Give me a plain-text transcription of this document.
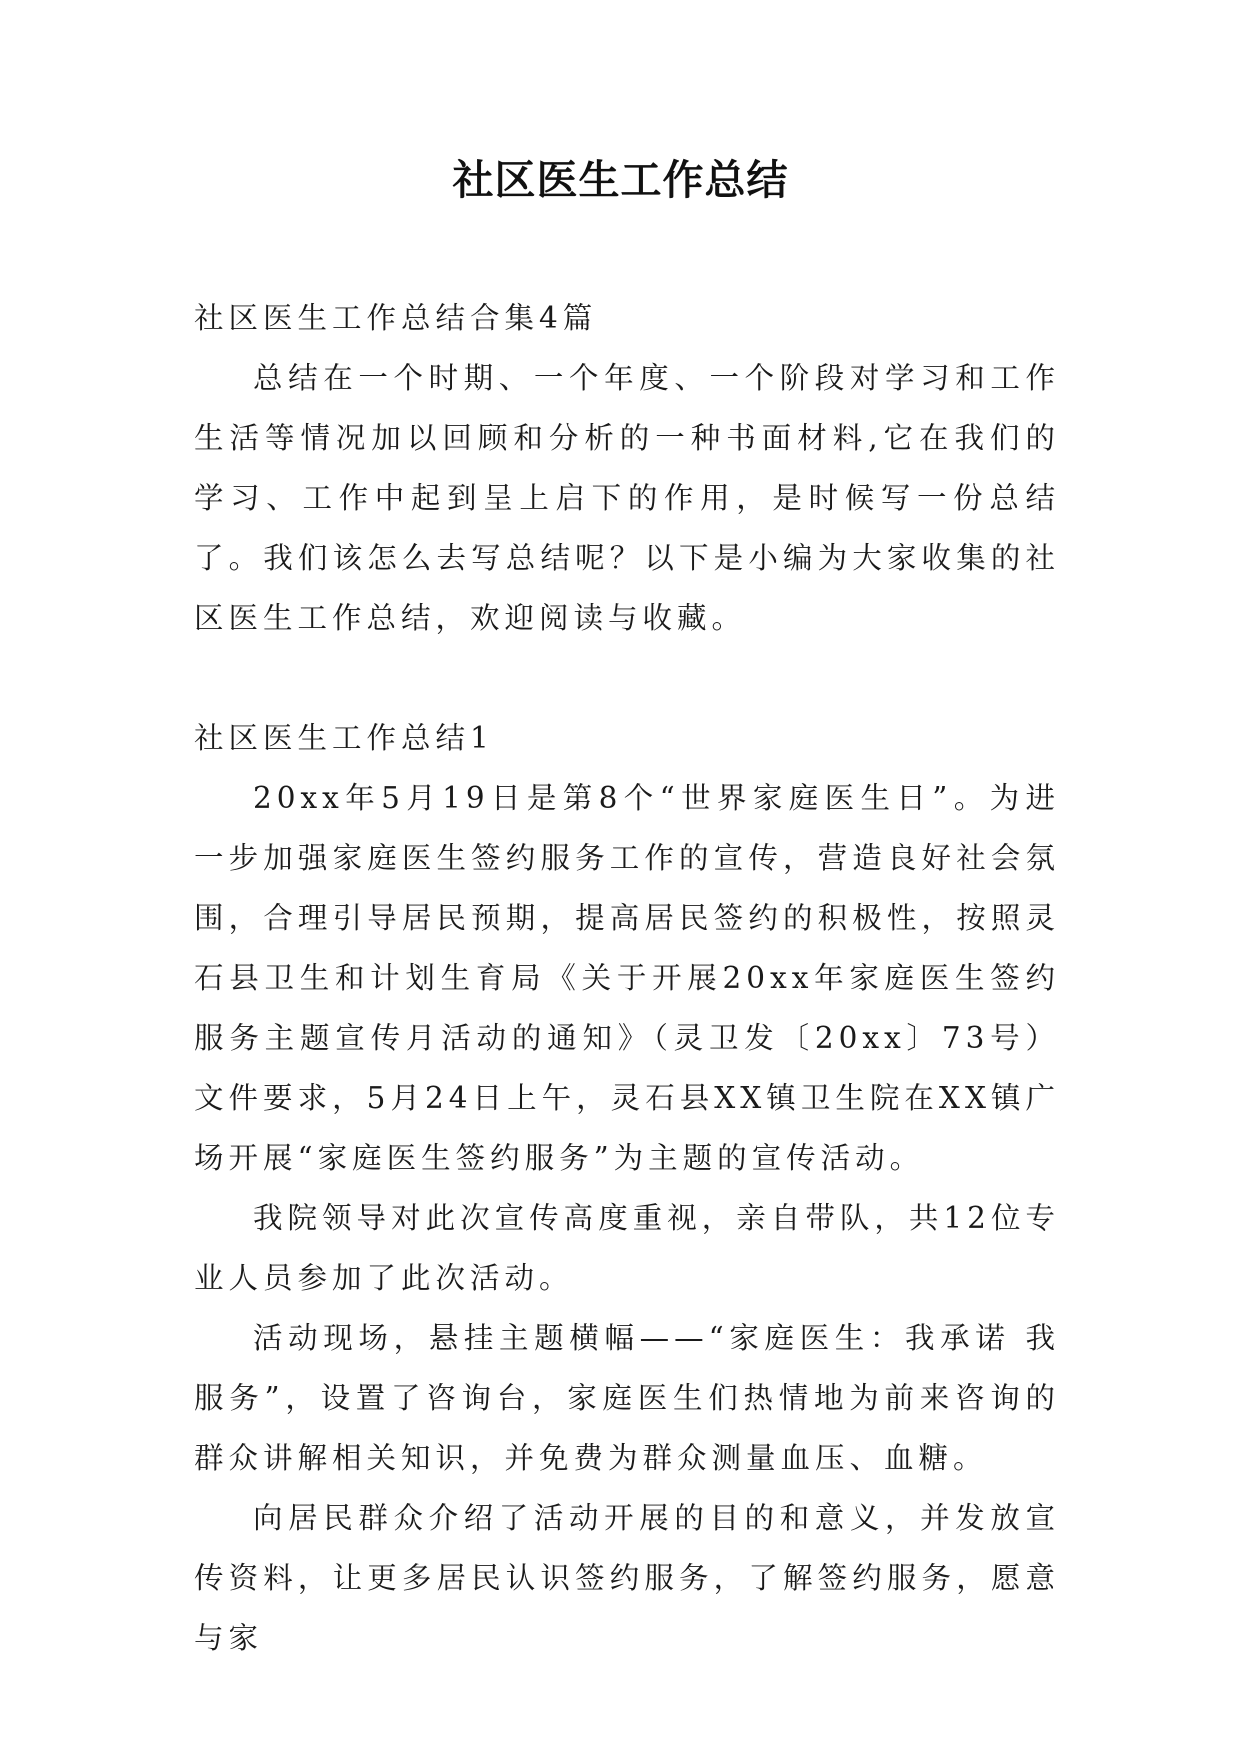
社区医生工作总结

社区医生工作总结合集4篇

总结在一个时期、一个年度、一个阶段对学习和工作生活等情况加以回顾和分析的一种书面材料,它在我们的学习、工作中起到呈上启下的作用，是时候写一份总结了。我们该怎么去写总结呢？以下是小编为大家收集的社区医生工作总结，欢迎阅读与收藏。

社区医生工作总结1

20xx年5月19日是第8个“世界家庭医生日”。为进一步加强家庭医生签约服务工作的宣传，营造良好社会氛围，合理引导居民预期，提高居民签约的积极性，按照灵石县卫生和计划生育局《关于开展20xx年家庭医生签约服务主题宣传月活动的通知》（灵卫发〔20xx〕73号）文件要求，5月24日上午，灵石县XX镇卫生院在XX镇广场开展“家庭医生签约服务”为主题的宣传活动。

我院领导对此次宣传高度重视，亲自带队，共12位专业人员参加了此次活动。

活动现场，悬挂主题横幅——“家庭医生：我承诺 我服务”，设置了咨询台，家庭医生们热情地为前来咨询的群众讲解相关知识，并免费为群众测量血压、血糖。

向居民群众介绍了活动开展的目的和意义，并发放宣传资料，让更多居民认识签约服务，了解签约服务，愿意与家
